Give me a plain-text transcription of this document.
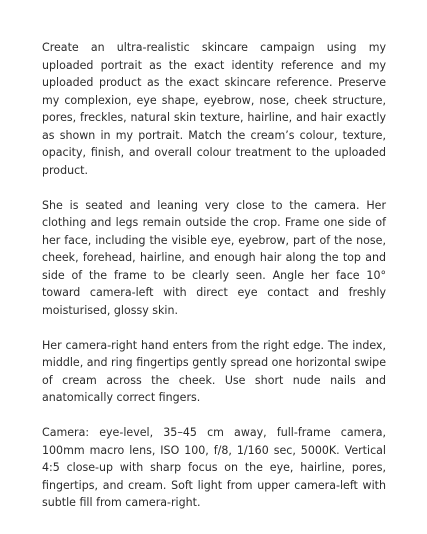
Create an ultra-realistic skincare campaign using my uploaded portrait as the exact identity reference and my uploaded product as the exact skincare reference. Preserve my complexion, eye shape, eyebrow, nose, cheek structure, pores, freckles, natural skin texture, hairline, and hair exactly as shown in my portrait. Match the cream’s colour, texture, opacity, finish, and overall colour treatment to the uploaded product.

She is seated and leaning very close to the camera. Her clothing and legs remain outside the crop. Frame one side of her face, including the visible eye, eyebrow, part of the nose, cheek, forehead, hairline, and enough hair along the top and side of the frame to be clearly seen. Angle her face 10° toward camera-left with direct eye contact and freshly moisturised, glossy skin.

Her camera-right hand enters from the right edge. The index, middle, and ring fingertips gently spread one horizontal swipe of cream across the cheek. Use short nude nails and anatomically correct fingers.

Camera: eye-level, 35–45 cm away, full-frame camera, 100mm macro lens, ISO 100, f/8, 1/160 sec, 5000K. Vertical 4:5 close-up with sharp focus on the eye, hairline, pores, fingertips, and cream. Soft light from upper camera-left with subtle fill from camera-right.
